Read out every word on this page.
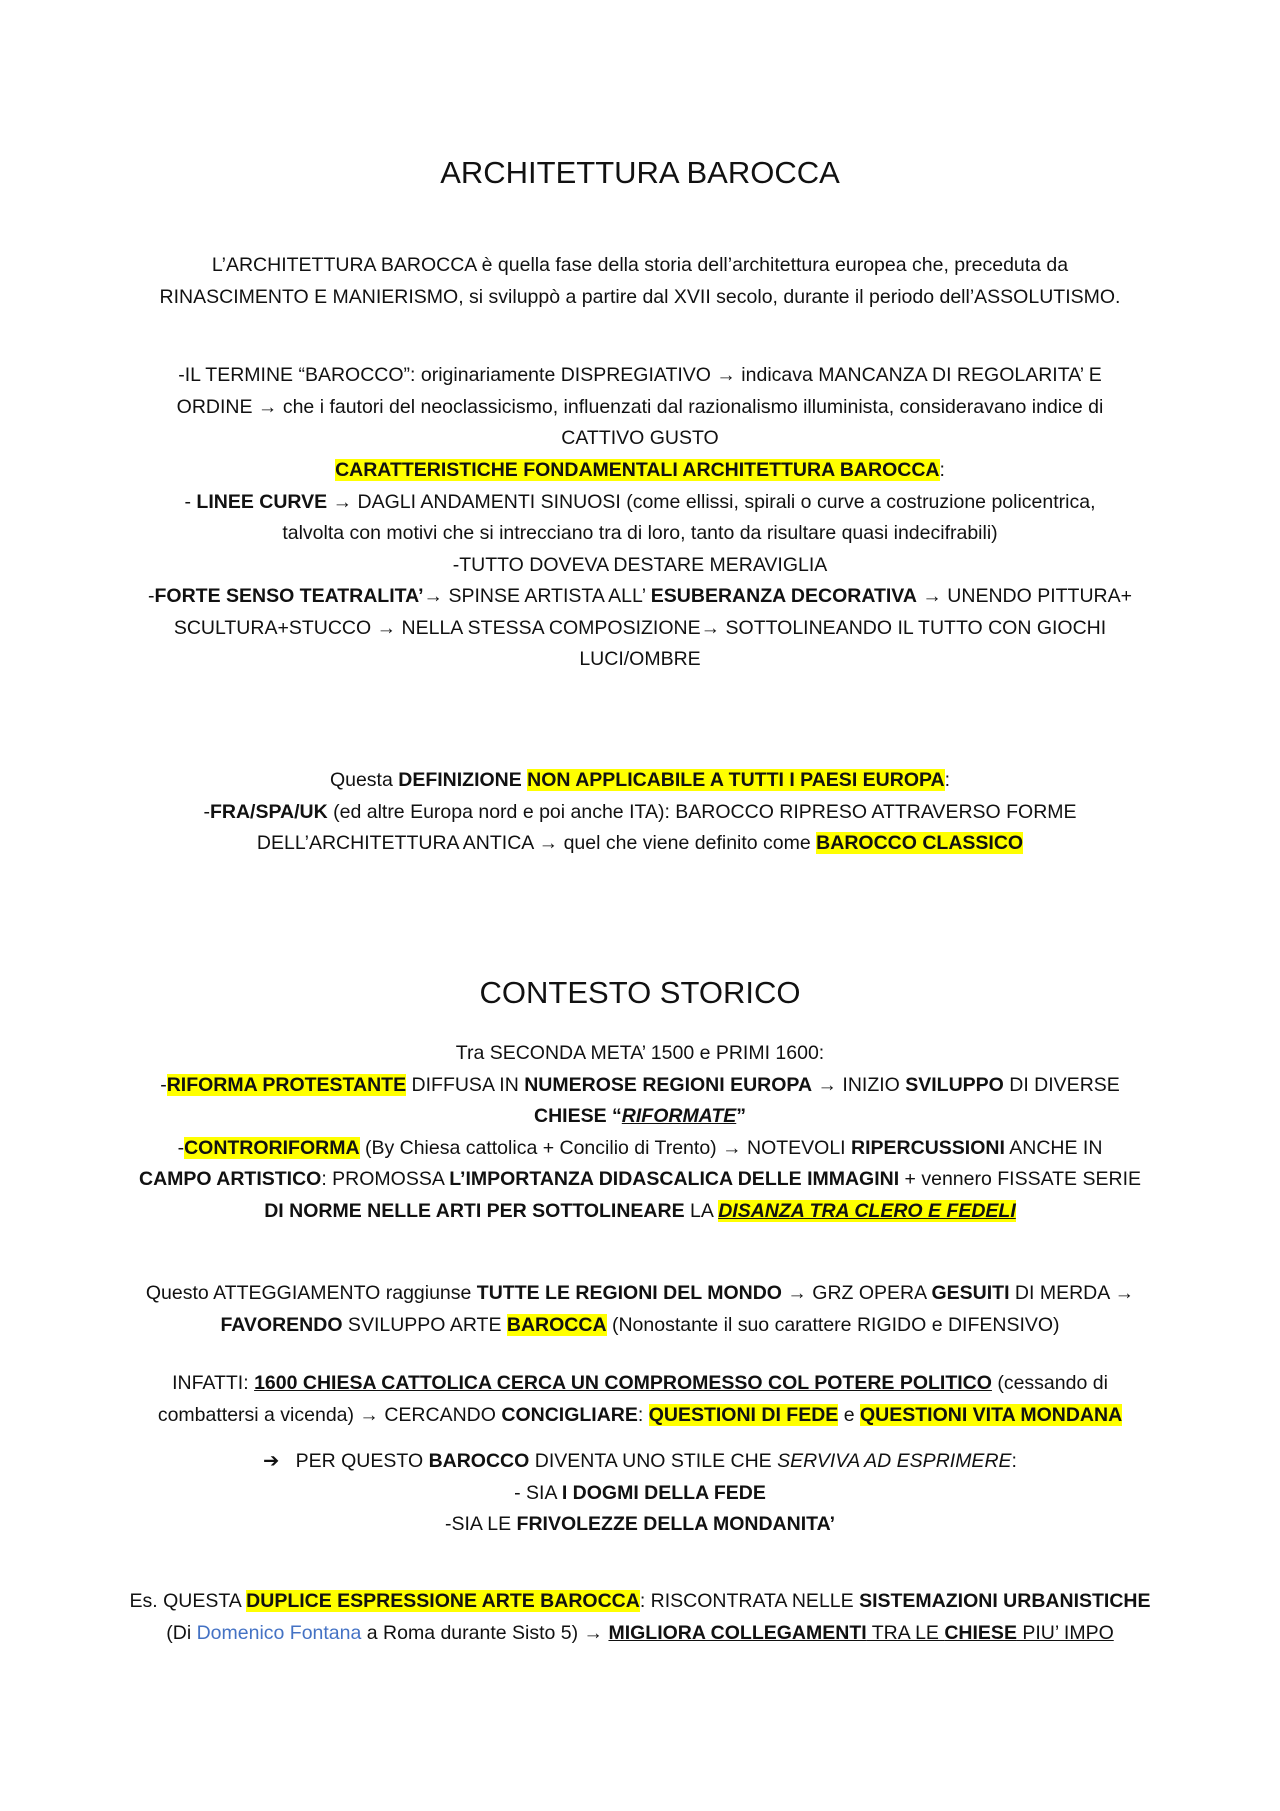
ARCHITETTURA BAROCCA
L’ARCHITETTURA BAROCCA è quella fase della storia dell’architettura europea che, preceduta da
RINASCIMENTO E MANIERISMO, si sviluppò a partire dal XVII secolo, durante il periodo dell’ASSOLUTISMO.
-IL TERMINE “BAROCCO”: originariamente DISPREGIATIVO → indicava MANCANZA DI REGOLARITA’ E
ORDINE → che i fautori del neoclassicismo, influenzati dal razionalismo illuminista, consideravano indice di
CATTIVO GUSTO
CARATTERISTICHE FONDAMENTALI ARCHITETTURA BAROCCA:
- LINEE CURVE → DAGLI ANDAMENTI SINUOSI (come ellissi, spirali o curve a costruzione policentrica,
talvolta con motivi che si intrecciano tra di loro, tanto da risultare quasi indecifrabili)
-TUTTO DOVEVA DESTARE MERAVIGLIA
-FORTE SENSO TEATRALITA’→ SPINSE ARTISTA ALL’ ESUBERANZA DECORATIVA → UNENDO PITTURA+
SCULTURA+STUCCO → NELLA STESSA COMPOSIZIONE→ SOTTOLINEANDO IL TUTTO CON GIOCHI
LUCI/OMBRE
Questa DEFINIZIONE NON APPLICABILE A TUTTI I PAESI EUROPA:
-FRA/SPA/UK (ed altre Europa nord e poi anche ITA): BAROCCO RIPRESO ATTRAVERSO FORME
DELL’ARCHITETTURA ANTICA → quel che viene definito come BAROCCO CLASSICO
CONTESTO STORICO
Tra SECONDA META’ 1500 e PRIMI 1600:
-RIFORMA PROTESTANTE DIFFUSA IN NUMEROSE REGIONI EUROPA → INIZIO SVILUPPO DI DIVERSE
CHIESE “RIFORMATE”
-CONTRORIFORMA (By Chiesa cattolica + Concilio di Trento) → NOTEVOLI RIPERCUSSIONI ANCHE IN
CAMPO ARTISTICO: PROMOSSA L’IMPORTANZA DIDASCALICA DELLE IMMAGINI + vennero FISSATE SERIE
DI NORME NELLE ARTI PER SOTTOLINEARE LA DISANZA TRA CLERO E FEDELI
Questo ATTEGGIAMENTO raggiunse TUTTE LE REGIONI DEL MONDO → GRZ OPERA GESUITI DI MERDA →
FAVORENDO SVILUPPO ARTE BAROCCA (Nonostante il suo carattere RIGIDO e DIFENSIVO)
INFATTI: 1600 CHIESA CATTOLICA CERCA UN COMPROMESSO COL POTERE POLITICO (cessando di
combattersi a vicenda) → CERCANDO CONCIGLIARE: QUESTIONI DI FEDE e QUESTIONI VITA MONDANA
➔   PER QUESTO BAROCCO DIVENTA UNO STILE CHE SERVIVA AD ESPRIMERE:
- SIA I DOGMI DELLA FEDE
-SIA LE FRIVOLEZZE DELLA MONDANITA’
Es. QUESTA DUPLICE ESPRESSIONE ARTE BAROCCA: RISCONTRATA NELLE SISTEMAZIONI URBANISTICHE
(Di Domenico Fontana a Roma durante Sisto 5) → MIGLIORA COLLEGAMENTI TRA LE CHIESE PIU’ IMPO
